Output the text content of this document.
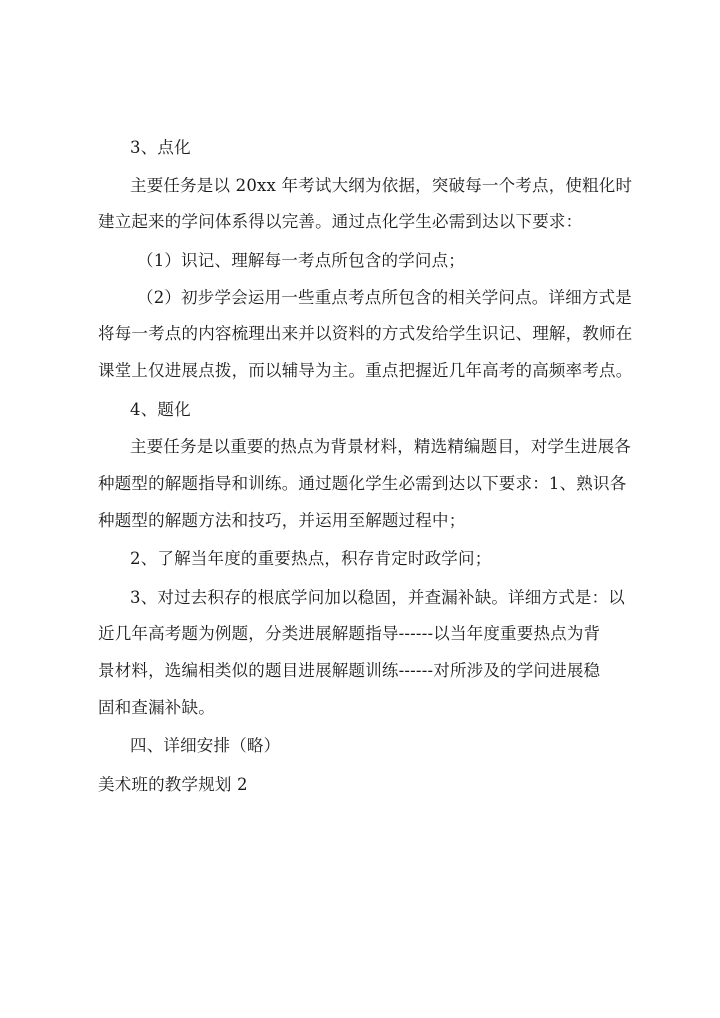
3、点化
主要任务是以 20xx 年考试大纲为依据，突破每一个考点，使粗化时
建立起来的学问体系得以完善。通过点化学生必需到达以下要求：
（1）识记、理解每一考点所包含的学问点；
（2）初步学会运用一些重点考点所包含的相关学问点。详细方式是
将每一考点的内容梳理出来并以资料的方式发给学生识记、理解，教师在
课堂上仅进展点拨，而以辅导为主。重点把握近几年高考的高频率考点。
4、题化
主要任务是以重要的热点为背景材料，精选精编题目，对学生进展各
种题型的解题指导和训练。通过题化学生必需到达以下要求：1、熟识各
种题型的解题方法和技巧，并运用至解题过程中；
2、了解当年度的重要热点，积存肯定时政学问；
3、对过去积存的根底学问加以稳固，并查漏补缺。详细方式是：以
近几年高考题为例题，分类进展解题指导------以当年度重要热点为背
景材料，选编相类似的题目进展解题训练------对所涉及的学问进展稳
固和查漏补缺。
四、详细安排（略）
美术班的教学规划 2
